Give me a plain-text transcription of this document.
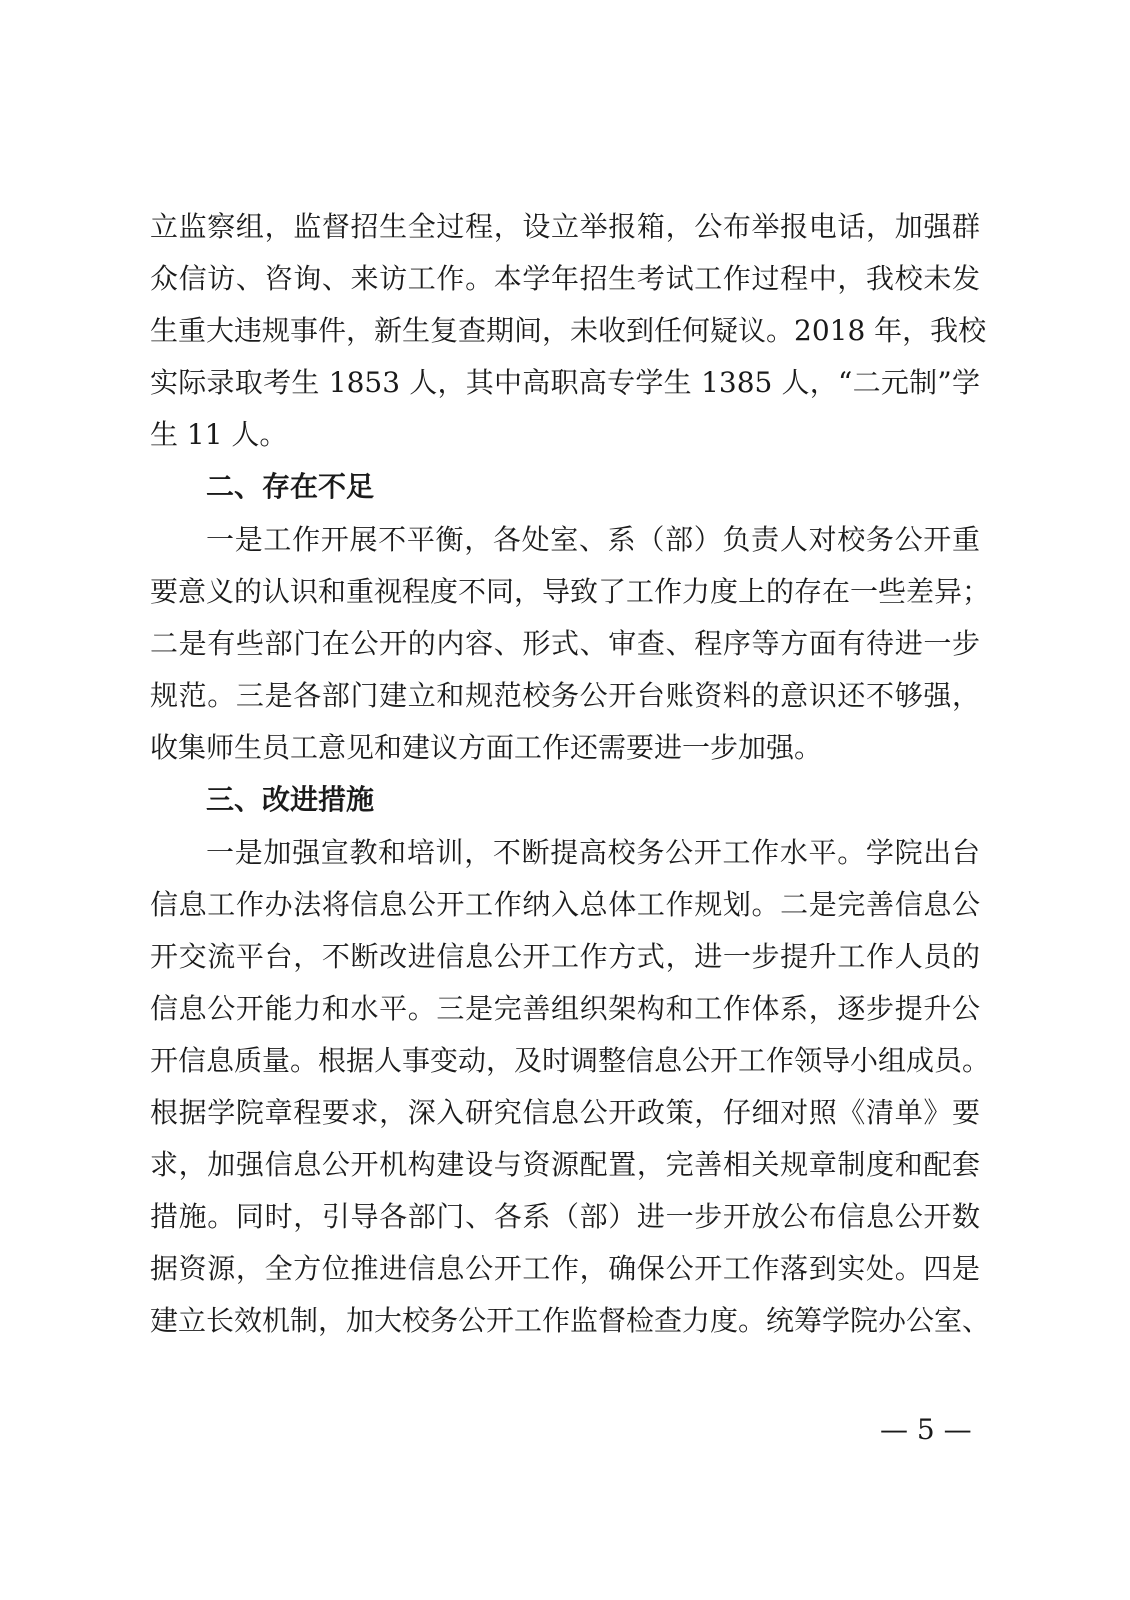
立监察组，监督招生全过程，设立举报箱，公布举报电话，加强群
众信访、咨询、来访工作。本学年招生考试工作过程中，我校未发
生重大违规事件，新生复查期间，未收到任何疑议。2018 年，我校
实际录取考生 1853 人，其中高职高专学生 1385 人，“二元制”学
生 11 人。
二、存在不足
一是工作开展不平衡，各处室、系（部）负责人对校务公开重
要意义的认识和重视程度不同，导致了工作力度上的存在一些差异；
二是有些部门在公开的内容、形式、审查、程序等方面有待进一步
规范。三是各部门建立和规范校务公开台账资料的意识还不够强，
收集师生员工意见和建议方面工作还需要进一步加强。
三、改进措施
一是加强宣教和培训，不断提高校务公开工作水平。学院出台
信息工作办法将信息公开工作纳入总体工作规划。二是完善信息公
开交流平台，不断改进信息公开工作方式，进一步提升工作人员的
信息公开能力和水平。三是完善组织架构和工作体系，逐步提升公
开信息质量。根据人事变动，及时调整信息公开工作领导小组成员。
根据学院章程要求，深入研究信息公开政策，仔细对照《清单》要
求，加强信息公开机构建设与资源配置，完善相关规章制度和配套
措施。同时，引导各部门、各系（部）进一步开放公布信息公开数
据资源，全方位推进信息公开工作，确保公开工作落到实处。四是
建立长效机制，加大校务公开工作监督检查力度。统筹学院办公室、
— 5 —
